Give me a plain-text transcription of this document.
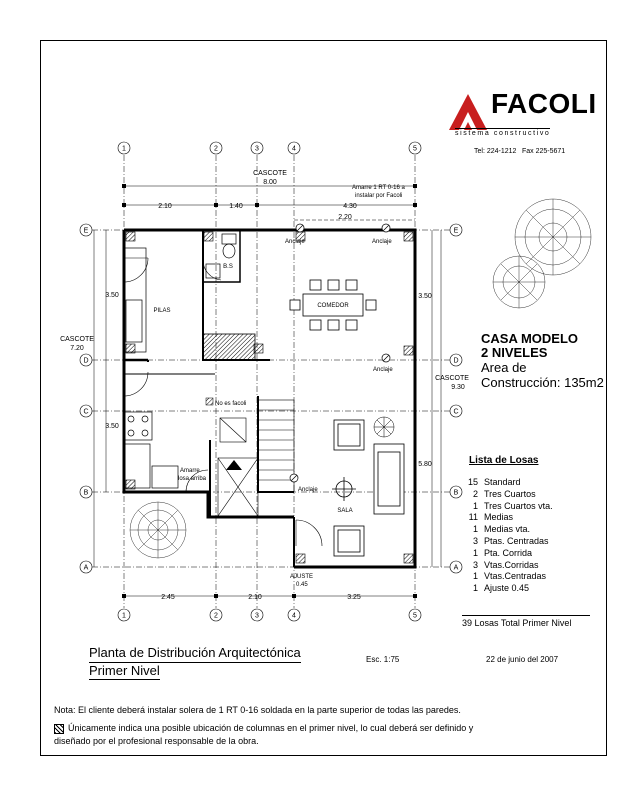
1	2	3	4	5
1	2	3	4	5
E
D
C
B
A
E
D
C
B
A
CASCOTE
8.00
2.10	1.40	4.30
2.20
2.45	2.10	3.25
3.50
3.50
CASCOTE
7.20
3.50
5.80
CASCOTE
9.30
COMEDOR
SALA
PILAS
B.S
Amarre 1 RT 0-16 a
instalar por Facoli
Anclaje	Anclaje
Anclaje
Anclaje
No es facoli
Amarre
losa arriba
AJUSTE
0.45
FACOLI
sistema constructivo
Tel: 224-1212 Fax 225-5671
CASA MODELO
2 NIVELES
Area de
Construcción: 135m2
Lista de Losas
15 Standard
2 Tres Cuartos
1 Tres Cuartos vta.
11 Medias
1 Medias vta.
3 Ptas. Centradas
1 Pta. Corrida
3 Vtas.Corridas
1 Vtas.Centradas
1 Ajuste 0.45
39 Losas Total Primer Nivel
Planta de Distribución Arquitectónica
Primer Nivel
Esc. 1:75	22 de junio del 2007
Nota: El cliente deberá instalar solera de 1 RT 0-16 soldada en la parte superior de todas las paredes.
Únicamente indica una posible ubicación de columnas en el primer nivel, lo cual deberá ser definido y
diseñado por el profesional responsable de la obra.
